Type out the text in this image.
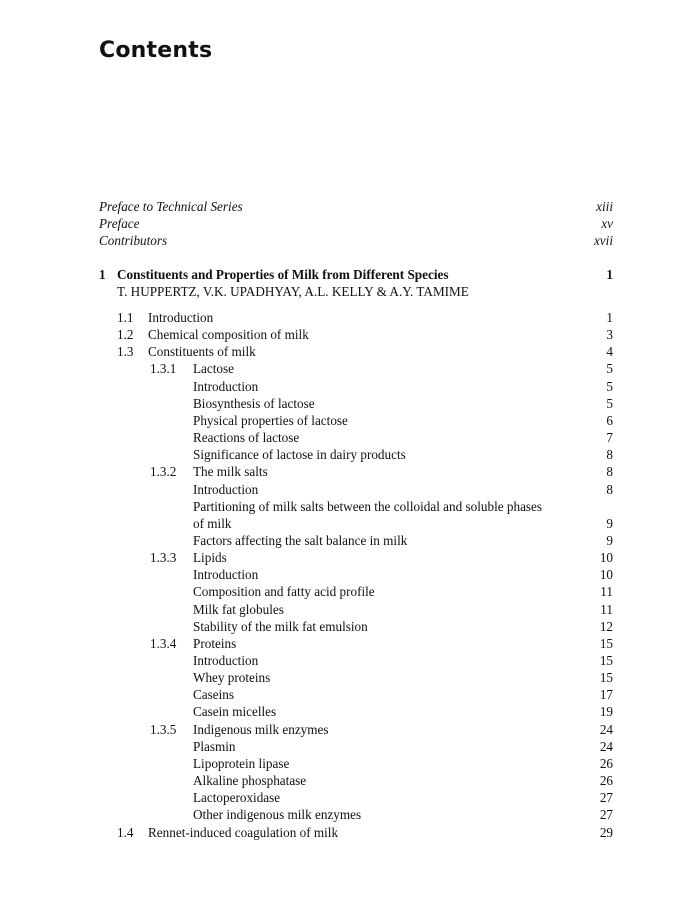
Contents
Preface to Technical Series	xiii
Preface	xv
Contributors	xvii
1 Constituents and Properties of Milk from Different Species	1
T. HUPPERTZ, V.K. UPADHYAY, A.L. KELLY & A.Y. TAMIME
1.1 Introduction	1
1.2 Chemical composition of milk	3
1.3 Constituents of milk	4
1.3.1 Lactose	5
Introduction	5
Biosynthesis of lactose	5
Physical properties of lactose	6
Reactions of lactose	7
Significance of lactose in dairy products	8
1.3.2 The milk salts	8
Introduction	8
Partitioning of milk salts between the colloidal and soluble phases
of milk	9
Factors affecting the salt balance in milk	9
1.3.3 Lipids	10
Introduction	10
Composition and fatty acid profile	11
Milk fat globules	11
Stability of the milk fat emulsion	12
1.3.4 Proteins	15
Introduction	15
Whey proteins	15
Caseins	17
Casein micelles	19
1.3.5 Indigenous milk enzymes	24
Plasmin	24
Lipoprotein lipase	26
Alkaline phosphatase	26
Lactoperoxidase	27
Other indigenous milk enzymes	27
1.4 Rennet-induced coagulation of milk	29
